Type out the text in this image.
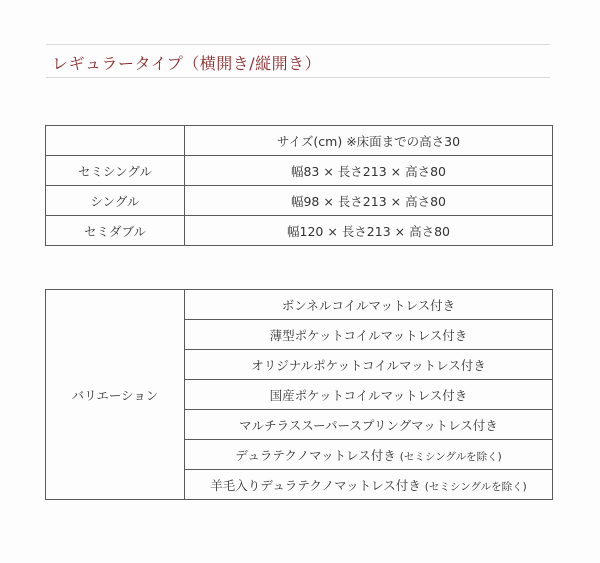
レギュラータイプ（横開き/縦開き）
	サイズ(cm) ※床面までの高さ30
セミシングル	幅83 × 長さ213 × 高さ80
シングル	幅98 × 長さ213 × 高さ80
セミダブル	幅120 × 長さ213 × 高さ80
バリエーション	ボンネルコイルマットレス付き
薄型ポケットコイルマットレス付き
オリジナルポケットコイルマットレス付き
国産ポケットコイルマットレス付き
マルチラススーパースプリングマットレス付き
デュラテクノマットレス付き (セミシングルを除く)
羊毛入りデュラテクノマットレス付き (セミシングルを除く)
